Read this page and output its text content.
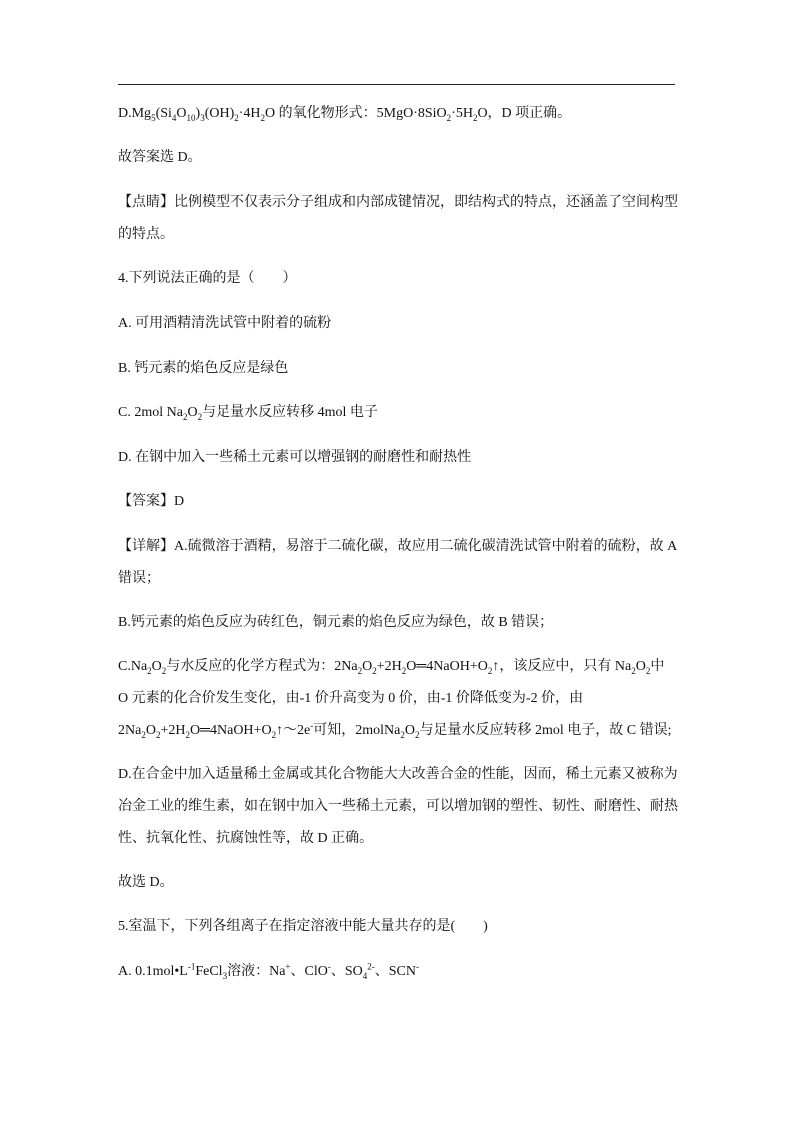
$D.Mg_5(Si_4O_{10})_3(OH)_2\cdot 4H_2O$ 的氧化物形式：$5MgO\cdot 8SiO_2\cdot 5H_2O$，D 项正确。
故答案选 D。
【点睛】比例模型不仅表示分子组成和内部成键情况，即结构式的特点，还涵盖了空间构型
的特点。
4.下列说法正确的是（　　）
A. 可用酒精清洗试管中附着的硫粉
B. 钙元素的焰色反应是绿色
C. 2mol $Na_2O_2$与足量水反应转移 4mol 电子
D. 在钢中加入一些稀土元素可以增强钢的耐磨性和耐热性
【答案】D
【详解】A.硫微溶于酒精，易溶于二硫化碳，故应用二硫化碳清洗试管中附着的硫粉，故 A
错误；
B.钙元素的焰色反应为砖红色，铜元素的焰色反应为绿色，故 B 错误；
$C.Na_2O_2$与水反应的化学方程式为：$2Na_2O_2+2H_2O═4NaOH+O_2↑$，该反应中，只有 $Na_2O_2$中
O 元素的化合价发生变化，由-1 价升高变为 0 价，由-1 价降低变为-2 价，由
$2Na_2O_2+2H_2O═4NaOH+O_2↑\sim 2e^-$可知，$2molNa_2O_2$与足量水反应转移 2mol 电子，故 C 错误;
D.在合金中加入适量稀土金属或其化合物能大大改善合金的性能，因而，稀土元素又被称为
冶金工业的维生素，如在钢中加入一些稀土元素，可以增加钢的塑性、韧性、耐磨性、耐热
性、抗氧化性、抗腐蚀性等，故 D 正确。
故选 D。
5.室温下，下列各组离子在指定溶液中能大量共存的是(　　)
A. $0.1mol•L^{-1}FeCl_3$溶液：Na+、ClO-、$SO_4^{2-}$、SCN-
